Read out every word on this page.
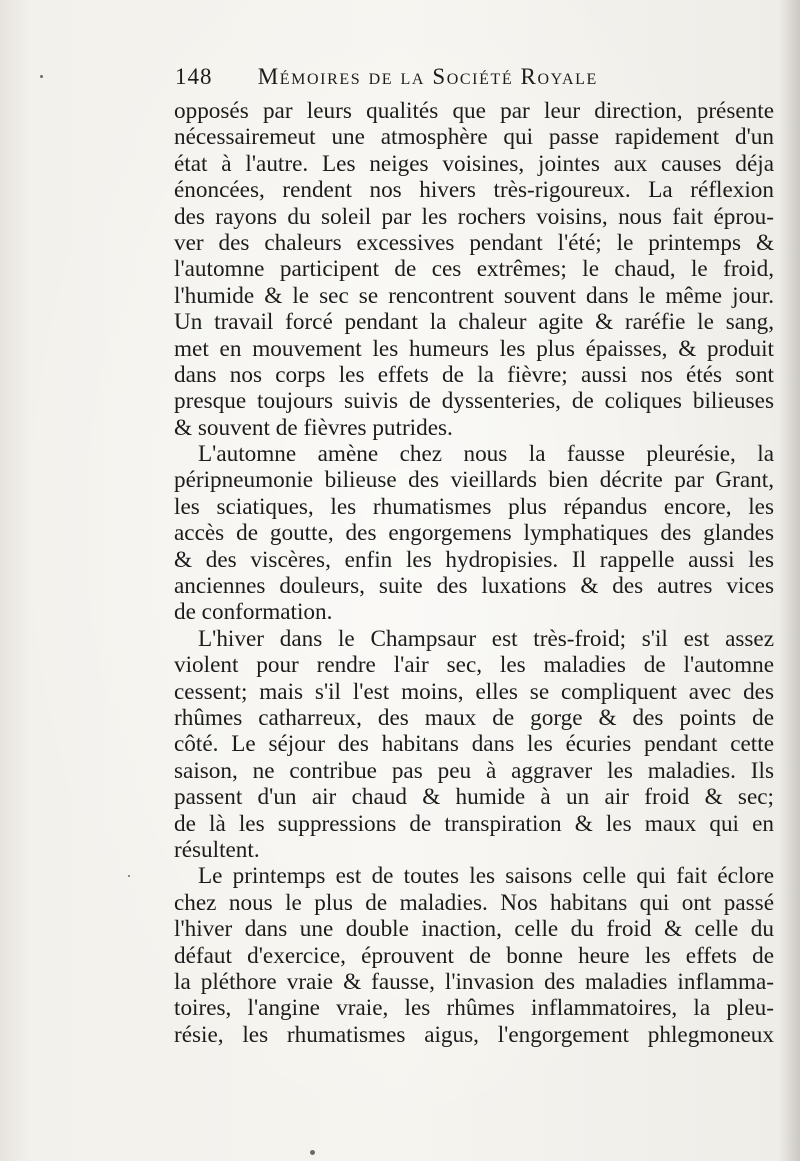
148 Mémoires de la Société Royale
opposés par leurs qualités que par leur direction, présente
nécessairemeut une atmosphère qui passe rapidement d'un
état à l'autre. Les neiges voisines, jointes aux causes déja
énoncées, rendent nos hivers très-rigoureux. La réflexion
des rayons du soleil par les rochers voisins, nous fait éprou-
ver des chaleurs excessives pendant l'été; le printemps &
l'automne participent de ces extrêmes; le chaud, le froid,
l'humide & le sec se rencontrent souvent dans le même jour.
Un travail forcé pendant la chaleur agite & raréfie le sang,
met en mouvement les humeurs les plus épaisses, & produit
dans nos corps les effets de la fièvre; aussi nos étés sont
presque toujours suivis de dyssenteries, de coliques bilieuses
& souvent de fièvres putrides.
L'automne amène chez nous la fausse pleurésie, la
péripneumonie bilieuse des vieillards bien décrite par Grant,
les sciatiques, les rhumatismes plus répandus encore, les
accès de goutte, des engorgemens lymphatiques des glandes
& des viscères, enfin les hydropisies. Il rappelle aussi les
anciennes douleurs, suite des luxations & des autres vices
de conformation.
L'hiver dans le Champsaur est très-froid; s'il est assez
violent pour rendre l'air sec, les maladies de l'automne
cessent; mais s'il l'est moins, elles se compliquent avec des
rhûmes catharreux, des maux de gorge & des points de
côté. Le séjour des habitans dans les écuries pendant cette
saison, ne contribue pas peu à aggraver les maladies. Ils
passent d'un air chaud & humide à un air froid & sec;
de là les suppressions de transpiration & les maux qui en
résultent.
Le printemps est de toutes les saisons celle qui fait éclore
chez nous le plus de maladies. Nos habitans qui ont passé
l'hiver dans une double inaction, celle du froid & celle du
défaut d'exercice, éprouvent de bonne heure les effets de
la pléthore vraie & fausse, l'invasion des maladies inflamma-
toires, l'angine vraie, les rhûmes inflammatoires, la pleu-
résie, les rhumatismes aigus, l'engorgement phlegmoneux
